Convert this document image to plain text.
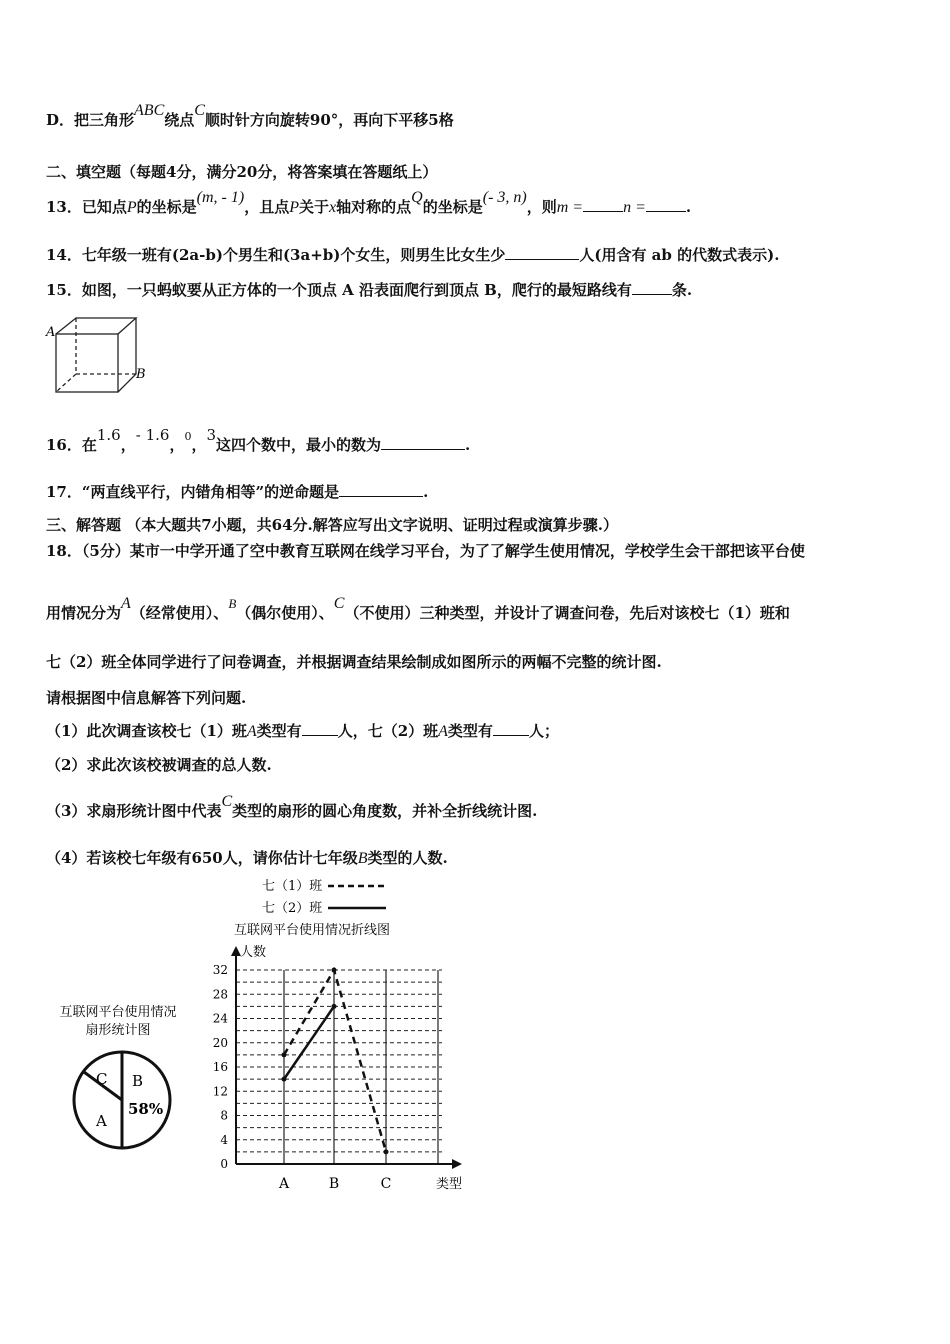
D．把三角形ABC绕点C顺时针方向旋转90°，再向下平移5格
二、填空题（每题4分，满分20分，将答案填在答题纸上）
13．已知点P的坐标是(m, - 1)，且点P关于x轴对称的点Q的坐标是(- 3, n)，则m =	n =	.
14．七年级一班有(2a-b)个男生和(3a+b)个女生，则男生比女生少	人(用含有 ab 的代数式表示).
15．如图，一只蚂蚁要从正方体的一个顶点 A 沿表面爬行到顶点 B，爬行的最短路线有	条.
A
B
16．在1.6，- 1.6，$^0$，3这四个数中，最小的数为	.
17．“两直线平行，内错角相等”的逆命题是	.
三、解答题 （本大题共7小题，共64分.解答应写出文字说明、证明过程或演算步骤.）
18．（5分）某市一中学开通了空中教育互联网在线学习平台，为了了解学生使用情况，学校学生会干部把该平台使
用情况分为A（经常使用）、B（偶尔使用）、C（不使用）三种类型，并设计了调查问卷，先后对该校七（1）班和
七（2）班全体同学进行了问卷调查，并根据调查结果绘制成如图所示的两幅不完整的统计图.
请根据图中信息解答下列问题.
（1）此次调查该校七（1）班A类型有 人，七（2）班A类型有 人；
（2）求此次该校被调查的总人数.
（3）求扇形统计图中代表C类型的扇形的圆心角度数，并补全折线统计图.
（4）若该校七年级有650人，请你估计七年级B类型的人数.
互联网平台使用情况
扇形统计图
C B
58%
A
七（1）班
七（2）班
互联网平台使用情况折线图
人数
类型
0
4
8
12
16
20
24
28
32
A	B	C
